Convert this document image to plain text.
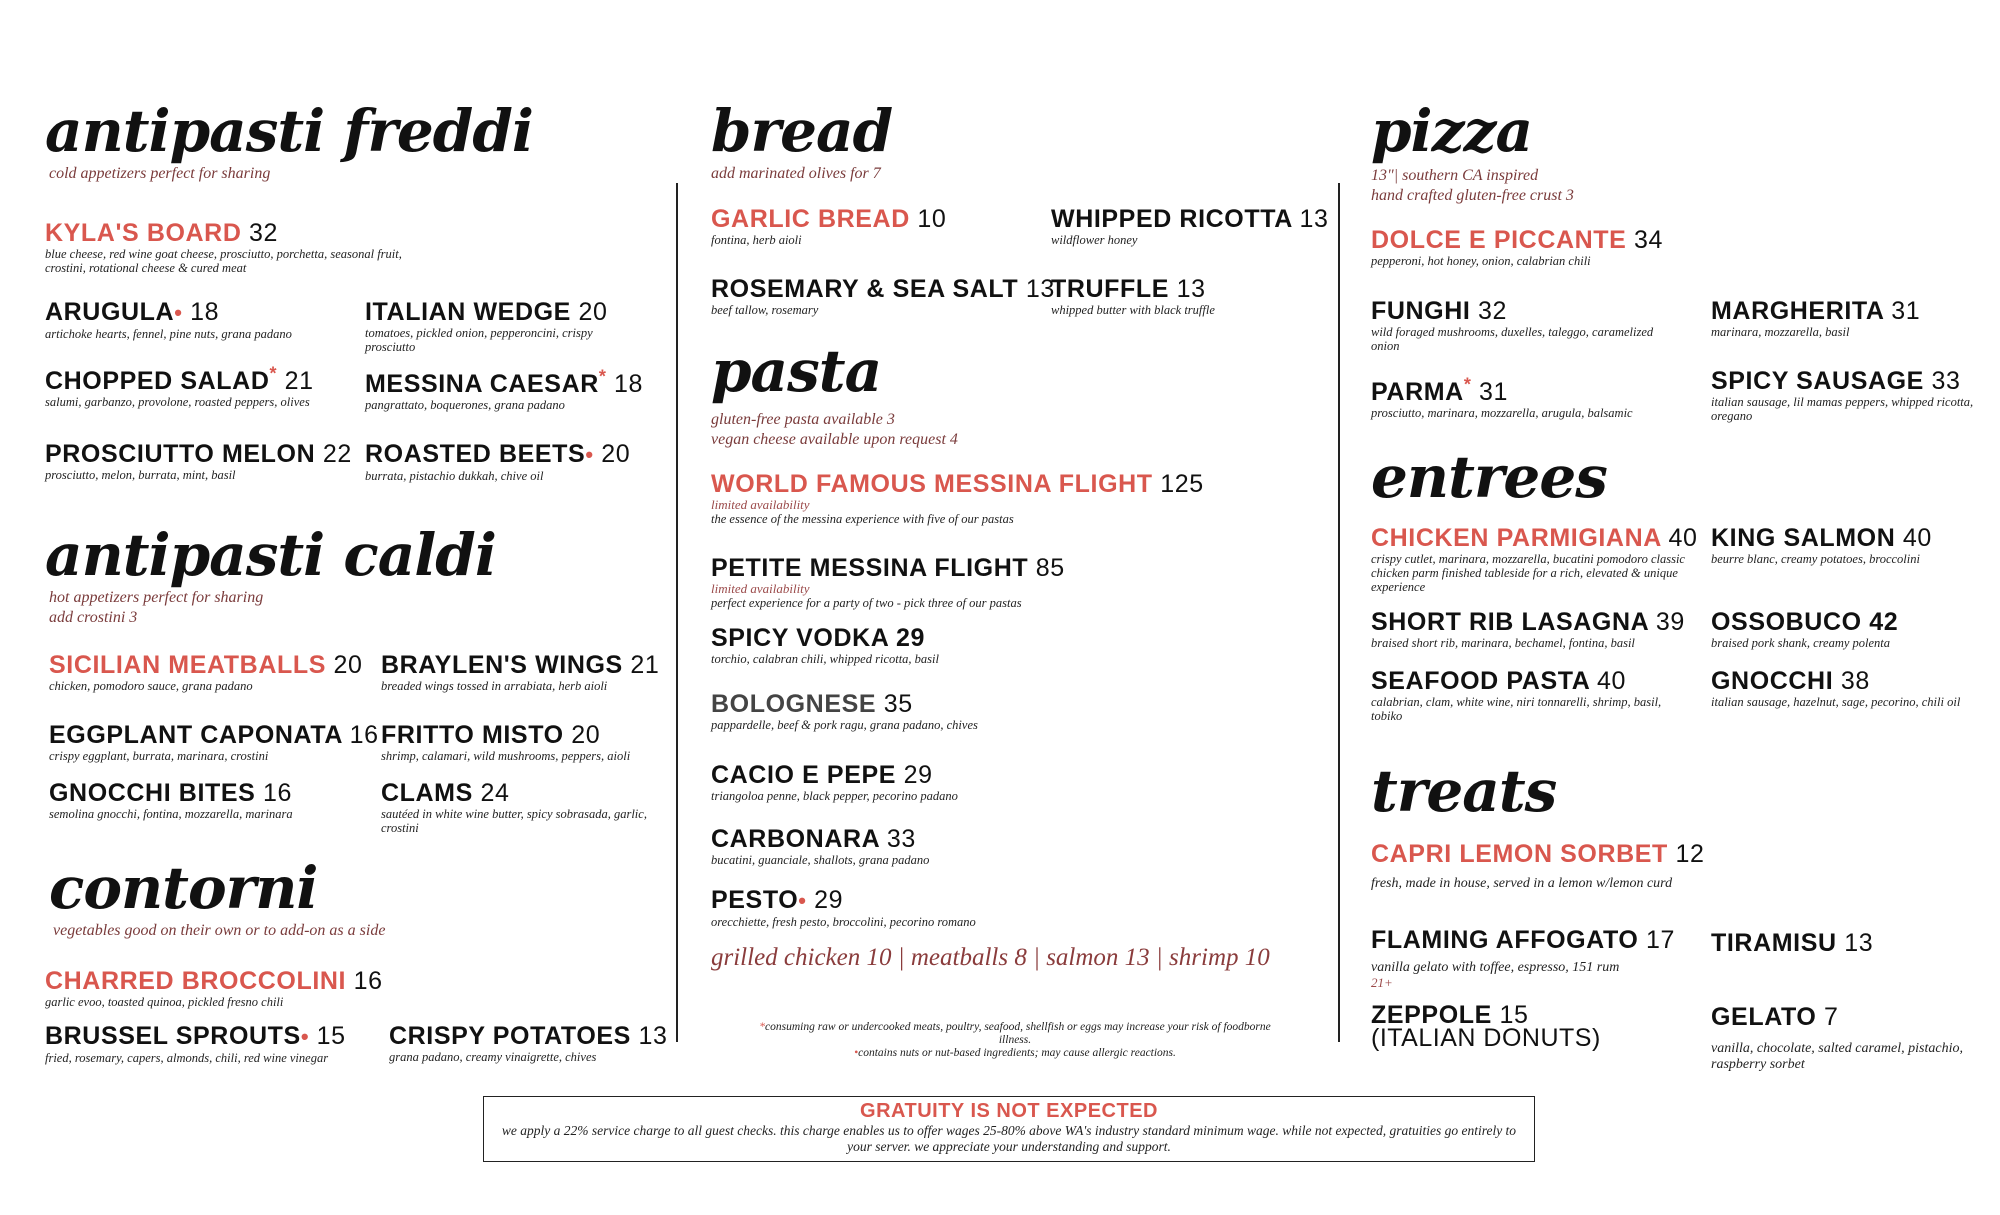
antipasti freddi
cold appetizers perfect for sharing
KYLA'S BOARD 32
blue cheese, red wine goat cheese, prosciutto, porchetta, seasonal fruit, crostini, rotational cheese & cured meat
ARUGULA• 18
artichoke hearts, fennel, pine nuts, grana padano
ITALIAN WEDGE 20
tomatoes, pickled onion, pepperoncini, crispy prosciutto
CHOPPED SALAD* 21
salumi, garbanzo, provolone, roasted peppers, olives
MESSINA CAESAR* 18
pangrattato, boquerones, grana padano
PROSCIUTTO MELON 22
prosciutto, melon, burrata, mint, basil
ROASTED BEETS• 20
burrata, pistachio dukkah, chive oil
antipasti caldi
hot appetizers perfect for sharing
add crostini 3
SICILIAN MEATBALLS 20
chicken, pomodoro sauce, grana padano
BRAYLEN'S WINGS 21
breaded wings tossed in arrabiata, herb aioli
EGGPLANT CAPONATA 16
crispy eggplant, burrata, marinara, crostini
FRITTO MISTO 20
shrimp, calamari, wild mushrooms, peppers, aioli
GNOCCHI BITES 16
semolina gnocchi, fontina, mozzarella, marinara
CLAMS 24
sautéed in white wine butter, spicy sobrasada, garlic, crostini
contorni
vegetables good on their own or to add-on as a side
CHARRED BROCCOLINI 16
garlic evoo, toasted quinoa, pickled fresno chili
BRUSSEL SPROUTS• 15
fried, rosemary, capers, almonds, chili, red wine vinegar
CRISPY POTATOES 13
grana padano, creamy vinaigrette, chives
bread
add marinated olives for 7
GARLIC BREAD 10
fontina, herb aioli
WHIPPED RICOTTA 13
wildflower honey
ROSEMARY & SEA SALT 13
beef tallow, rosemary
TRUFFLE 13
whipped butter with black truffle
pasta
gluten-free pasta available 3
vegan cheese available upon request 4
WORLD FAMOUS MESSINA FLIGHT 125
limited availability
the essence of the messina experience with five of our pastas
PETITE MESSINA FLIGHT 85
limited availability
perfect experience for a party of two - pick three of our pastas
SPICY VODKA 29
torchio, calabran chili, whipped ricotta, basil
BOLOGNESE 35
pappardelle, beef & pork ragu, grana padano, chives
CACIO E PEPE 29
triangoloa penne, black pepper, pecorino padano
CARBONARA 33
bucatini, guanciale, shallots, grana padano
PESTO• 29
orecchiette, fresh pesto, broccolini, pecorino romano
grilled chicken 10 | meatballs 8 | salmon 13 | shrimp 10
*consuming raw or undercooked meats, poultry, seafood, shellfish or eggs may increase your risk of foodborne illness.
•contains nuts or nut-based ingredients; may cause allergic reactions.
pizza
13"| southern CA inspired
hand crafted gluten-free crust 3
DOLCE E PICCANTE 34
pepperoni, hot honey, onion, calabrian chili
FUNGHI 32
wild foraged mushrooms, duxelles, taleggo, caramelized onion
MARGHERITA 31
marinara, mozzarella, basil
PARMA* 31
prosciutto, marinara, mozzarella, arugula, balsamic
SPICY SAUSAGE 33
italian sausage, lil mamas peppers, whipped ricotta, oregano
entrees
CHICKEN PARMIGIANA 40
crispy cutlet, marinara, mozzarella, bucatini pomodoro classic chicken parm finished tableside for a rich, elevated & unique experience
KING SALMON 40
beurre blanc, creamy potatoes, broccolini
SHORT RIB LASAGNA 39
braised short rib, marinara, bechamel, fontina, basil
OSSOBUCO 42
braised pork shank, creamy polenta
SEAFOOD PASTA 40
calabrian, clam, white wine, niri tonnarelli, shrimp, basil, tobiko
GNOCCHI 38
italian sausage, hazelnut, sage, pecorino, chili oil
treats
CAPRI LEMON SORBET 12
fresh, made in house, served in a lemon w/lemon curd
FLAMING AFFOGATO 17
vanilla gelato with toffee, espresso, 151 rum
21+
TIRAMISU 13
ZEPPOLE 15
(ITALIAN DONUTS)
GELATO 7
vanilla, chocolate, salted caramel, pistachio, raspberry sorbet
GRATUITY IS NOT EXPECTED
we apply a 22% service charge to all guest checks. this charge enables us to offer wages 25-80% above WA's industry standard minimum wage. while not expected, gratuities go entirely to your server. we appreciate your understanding and support.
